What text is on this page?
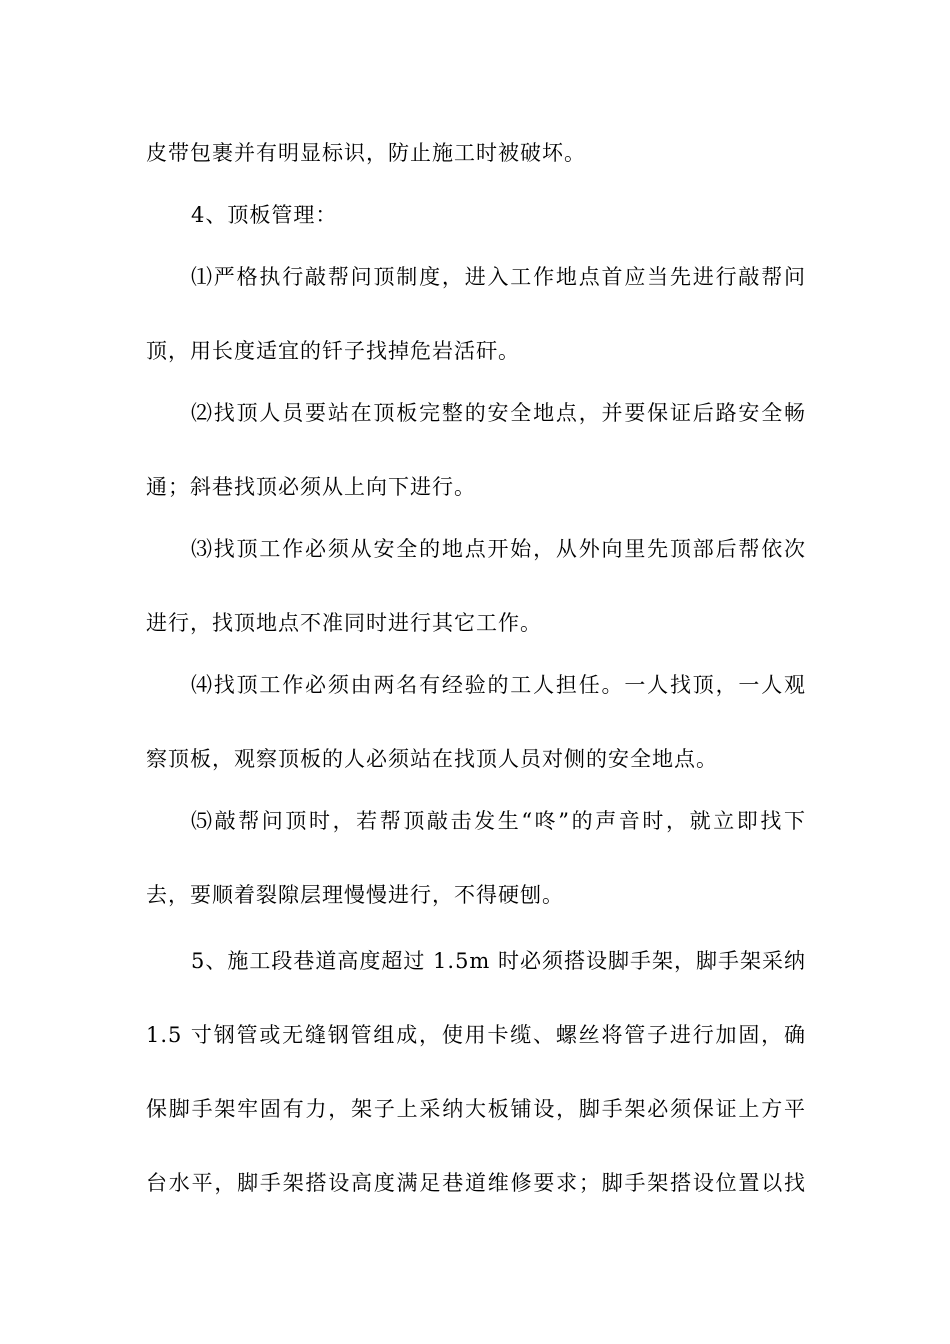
皮带包裹并有明显标识，防止施工时被破坏。
4、顶板管理：
⑴严格执行敲帮问顶制度，进入工作地点首应当先进行敲帮问
顶，用长度适宜的钎子找掉危岩活矸。
⑵找顶人员要站在顶板完整的安全地点，并要保证后路安全畅
通；斜巷找顶必须从上向下进行。
⑶找顶工作必须从安全的地点开始，从外向里先顶部后帮依次
进行，找顶地点不准同时进行其它工作。
⑷找顶工作必须由两名有经验的工人担任。一人找顶，一人观
察顶板，观察顶板的人必须站在找顶人员对侧的安全地点。
⑸敲帮问顶时，若帮顶敲击发生“咚”的声音时，就立即找下
去，要顺着裂隙层理慢慢进行，不得硬刨。
5、施工段巷道高度超过 1.5m 时必须搭设脚手架，脚手架采纳
1.5 寸钢管或无缝钢管组成，使用卡缆、螺丝将管子进行加固，确
保脚手架牢固有力，架子上采纳大板铺设，脚手架必须保证上方平
台水平，脚手架搭设高度满足巷道维修要求；脚手架搭设位置以找
